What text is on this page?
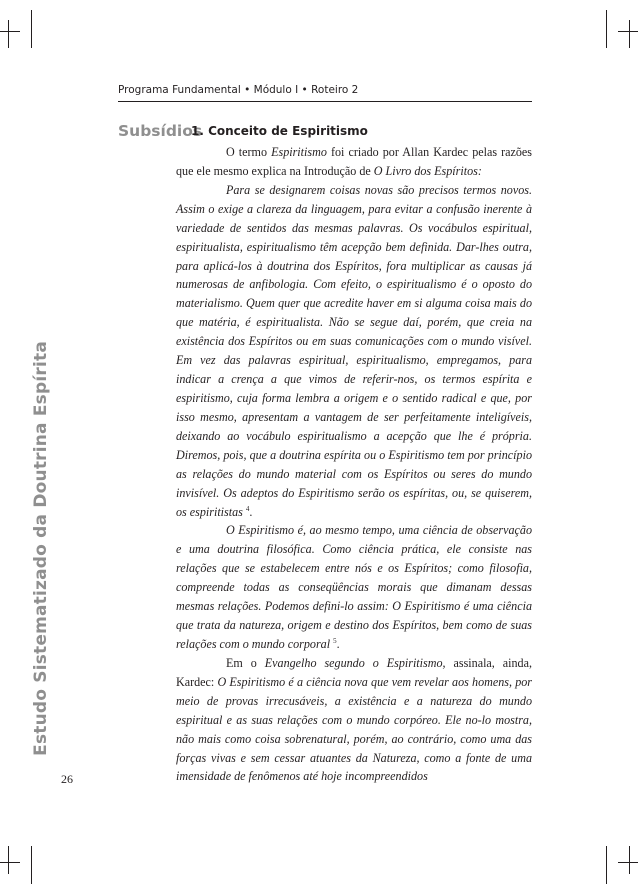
Programa Fundamental • Módulo I • Roteiro 2
Estudo Sistematizado da Doutrina Espírita
26
Subsídios
1. Conceito de Espiritismo

O termo Espiritismo foi criado por Allan Kardec pelas razões que ele mesmo explica na Introdução de O Livro dos Espíritos:

Para se designarem coisas novas são precisos termos novos. Assim o exige a clareza da linguagem, para evitar a confusão inerente à variedade de sentidos das mesmas palavras. Os vocábulos espiritual, espiritualista, espiritualismo têm acepção bem definida. Dar-lhes outra, para aplicá-los à doutrina dos Espíritos, fora multiplicar as causas já numerosas de anfibologia. Com efeito, o espiritualismo é o oposto do materialismo. Quem quer que acredite haver em si alguma coisa mais do que matéria, é espiritualista. Não se segue daí, porém, que creia na existência dos Espíritos ou em suas comunicações com o mundo visível. Em vez das palavras espiritual, espiritualismo, empregamos, para indicar a crença a que vimos de referir-nos, os termos espírita e espiritismo, cuja forma lembra a origem e o sentido radical e que, por isso mesmo, apresentam a vantagem de ser perfeitamente inteligíveis, deixando ao vocábulo espiritualismo a acepção que lhe é própria. Diremos, pois, que a doutrina espírita ou o Espiritismo tem por princípio as relações do mundo material com os Espíritos ou seres do mundo invisível. Os adeptos do Espiritismo serão os espíritas, ou, se quiserem, os espiritistas $^4$.

O Espiritismo é, ao mesmo tempo, uma ciência de observação e uma doutrina filosófica. Como ciência prática, ele consiste nas relações que se estabelecem entre nós e os Espíritos; como filosofia, compreende todas as conseqüências morais que dimanam dessas mesmas relações. Podemos defini-lo assim: O Espiritismo é uma ciência que trata da natureza, origem e destino dos Espíritos, bem como de suas relações com o mundo corporal $^5$.

Em o Evangelho segundo o Espiritismo, assinala, ainda, Kardec: O Espiritismo é a ciência nova que vem revelar aos homens, por meio de provas irrecusáveis, a existência e a natureza do mundo espiritual e as suas relações com o mundo corpóreo. Ele no-lo mostra, não mais como coisa sobrenatural, porém, ao contrário, como uma das forças vivas e sem cessar atuantes da Natureza, como a fonte de uma imensidade de fenômenos até hoje incompreendidos
